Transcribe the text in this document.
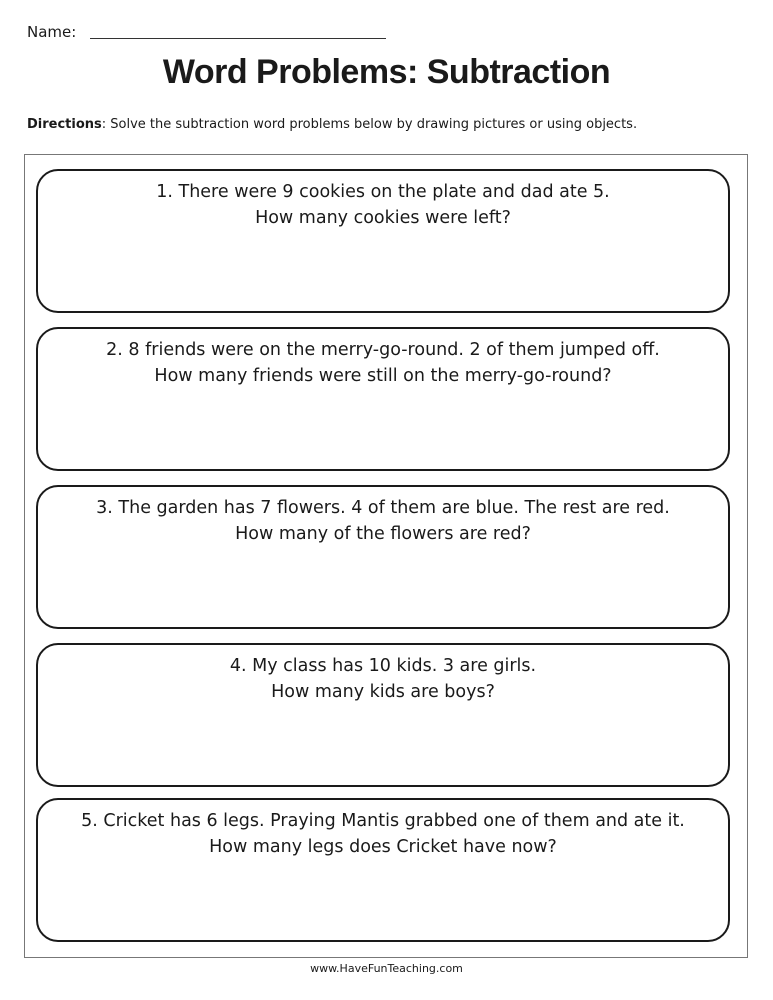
Name:
Word Problems: Subtraction
Directions: Solve the subtraction word problems below by drawing pictures or using objects.
1. There were 9 cookies on the plate and dad ate 5.
How many cookies were left?
2. 8 friends were on the merry-go-round. 2 of them jumped off.
How many friends were still on the merry-go-round?
3. The garden has 7 flowers. 4 of them are blue. The rest are red.
How many of the flowers are red?
4. My class has 10 kids. 3 are girls.
How many kids are boys?
5. Cricket has 6 legs. Praying Mantis grabbed one of them and ate it.
How many legs does Cricket have now?
www.HaveFunTeaching.com
